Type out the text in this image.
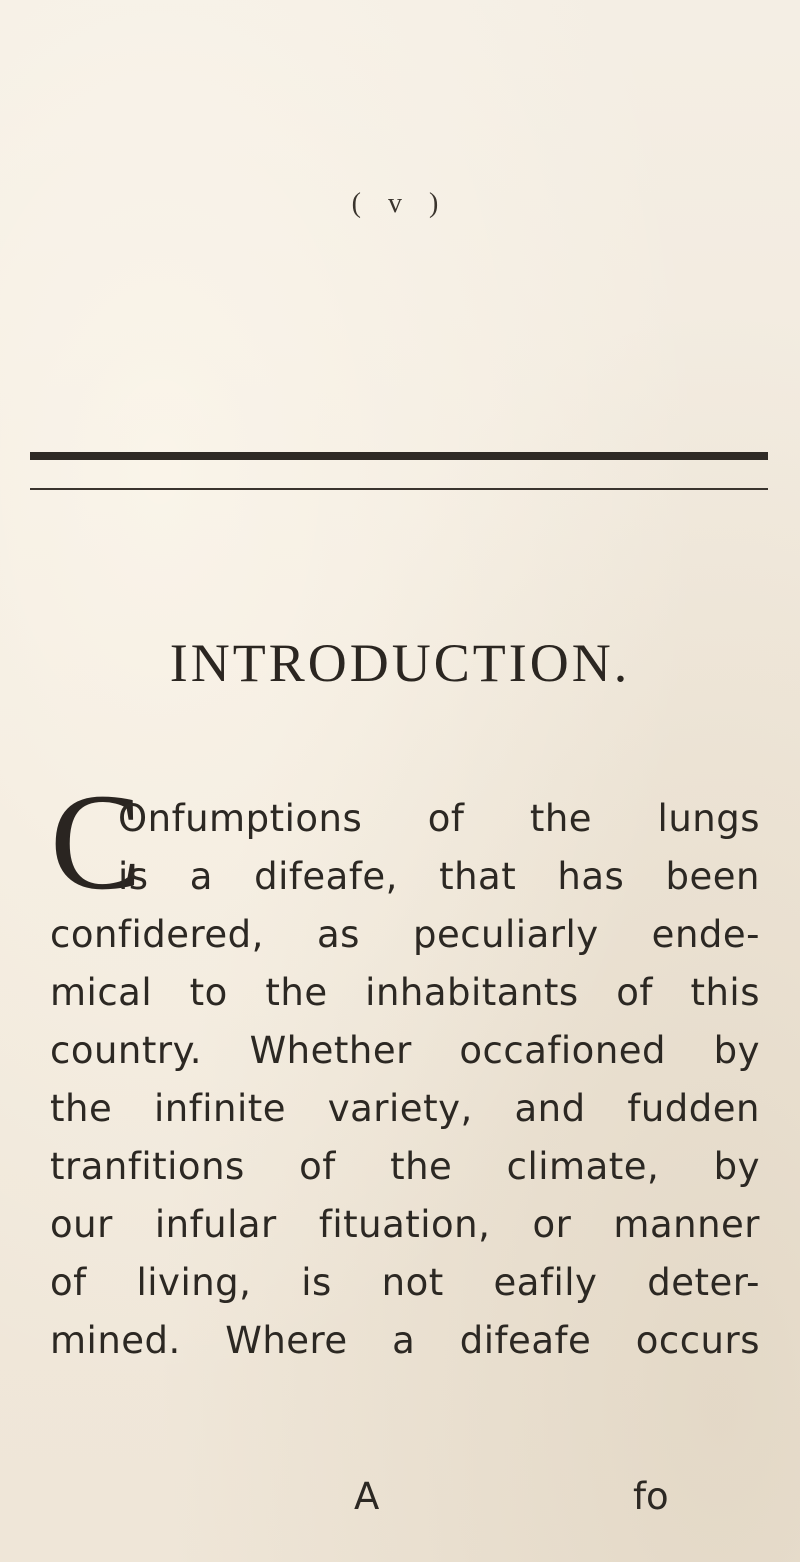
( v )
INTRODUCTION.
C
Onfumptions of the lungs
is a difeafe, that has been
confidered, as peculiarly ende-
mical to the inhabitants of this
country. Whether occafioned by
the infinite variety, and fudden
tranfitions of the climate, by
our infular fituation, or manner
of living, is not eafily deter-
mined. Where a difeafe occurs
A	fo
